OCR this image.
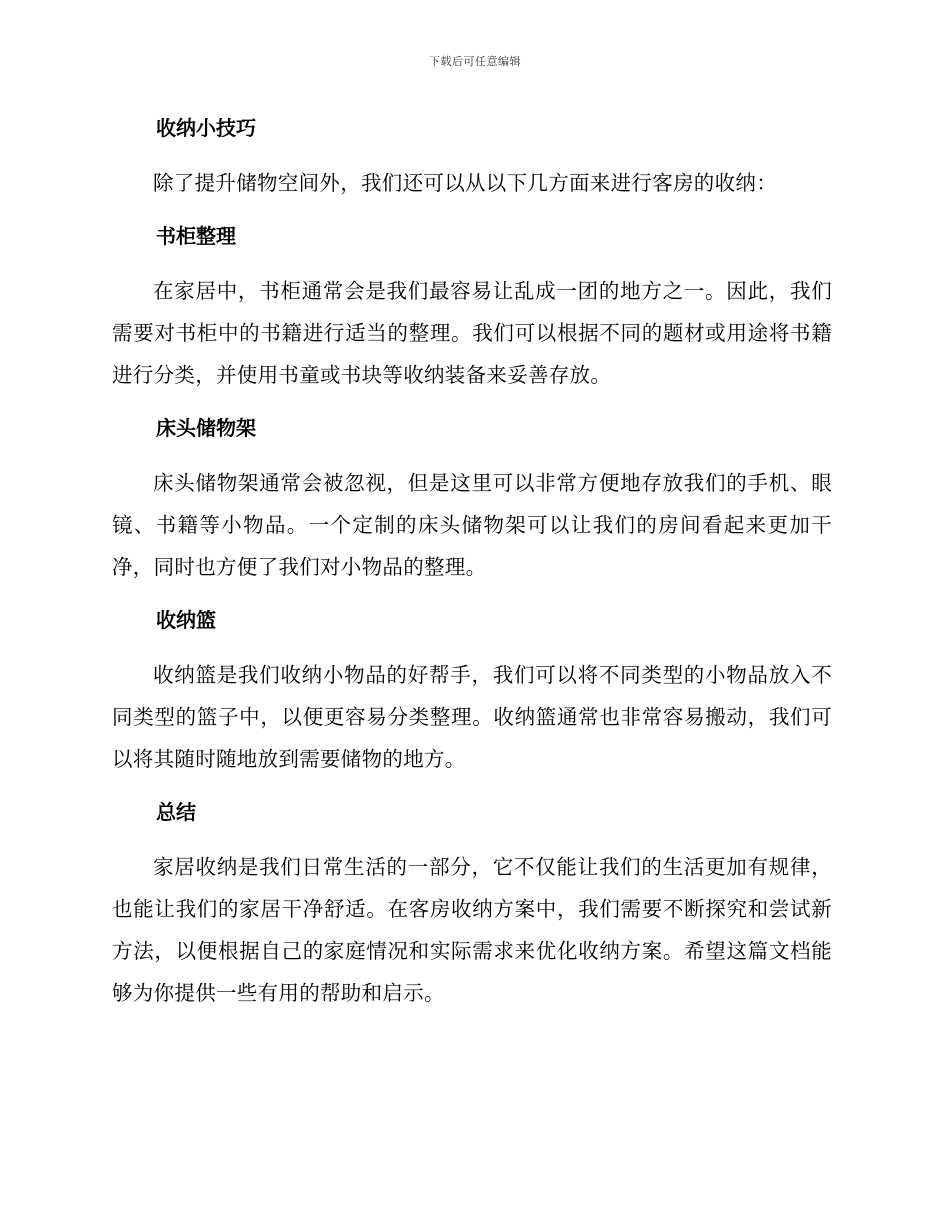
下载后可任意编辑
收纳小技巧

除了提升储物空间外，我们还可以从以下几方面来进行客房的收纳：

书柜整理

在家居中，书柜通常会是我们最容易让乱成一团的地方之一。因此，我们需要对书柜中的书籍进行适当的整理。我们可以根据不同的题材或用途将书籍进行分类，并使用书童或书块等收纳装备来妥善存放。

床头储物架

床头储物架通常会被忽视，但是这里可以非常方便地存放我们的手机、眼镜、书籍等小物品。一个定制的床头储物架可以让我们的房间看起来更加干净，同时也方便了我们对小物品的整理。

收纳篮

收纳篮是我们收纳小物品的好帮手，我们可以将不同类型的小物品放入不同类型的篮子中，以便更容易分类整理。收纳篮通常也非常容易搬动，我们可以将其随时随地放到需要储物的地方。

总结

家居收纳是我们日常生活的一部分，它不仅能让我们的生活更加有规律，也能让我们的家居干净舒适。在客房收纳方案中，我们需要不断探究和尝试新方法，以便根据自己的家庭情况和实际需求来优化收纳方案。希望这篇文档能够为你提供一些有用的帮助和启示。
